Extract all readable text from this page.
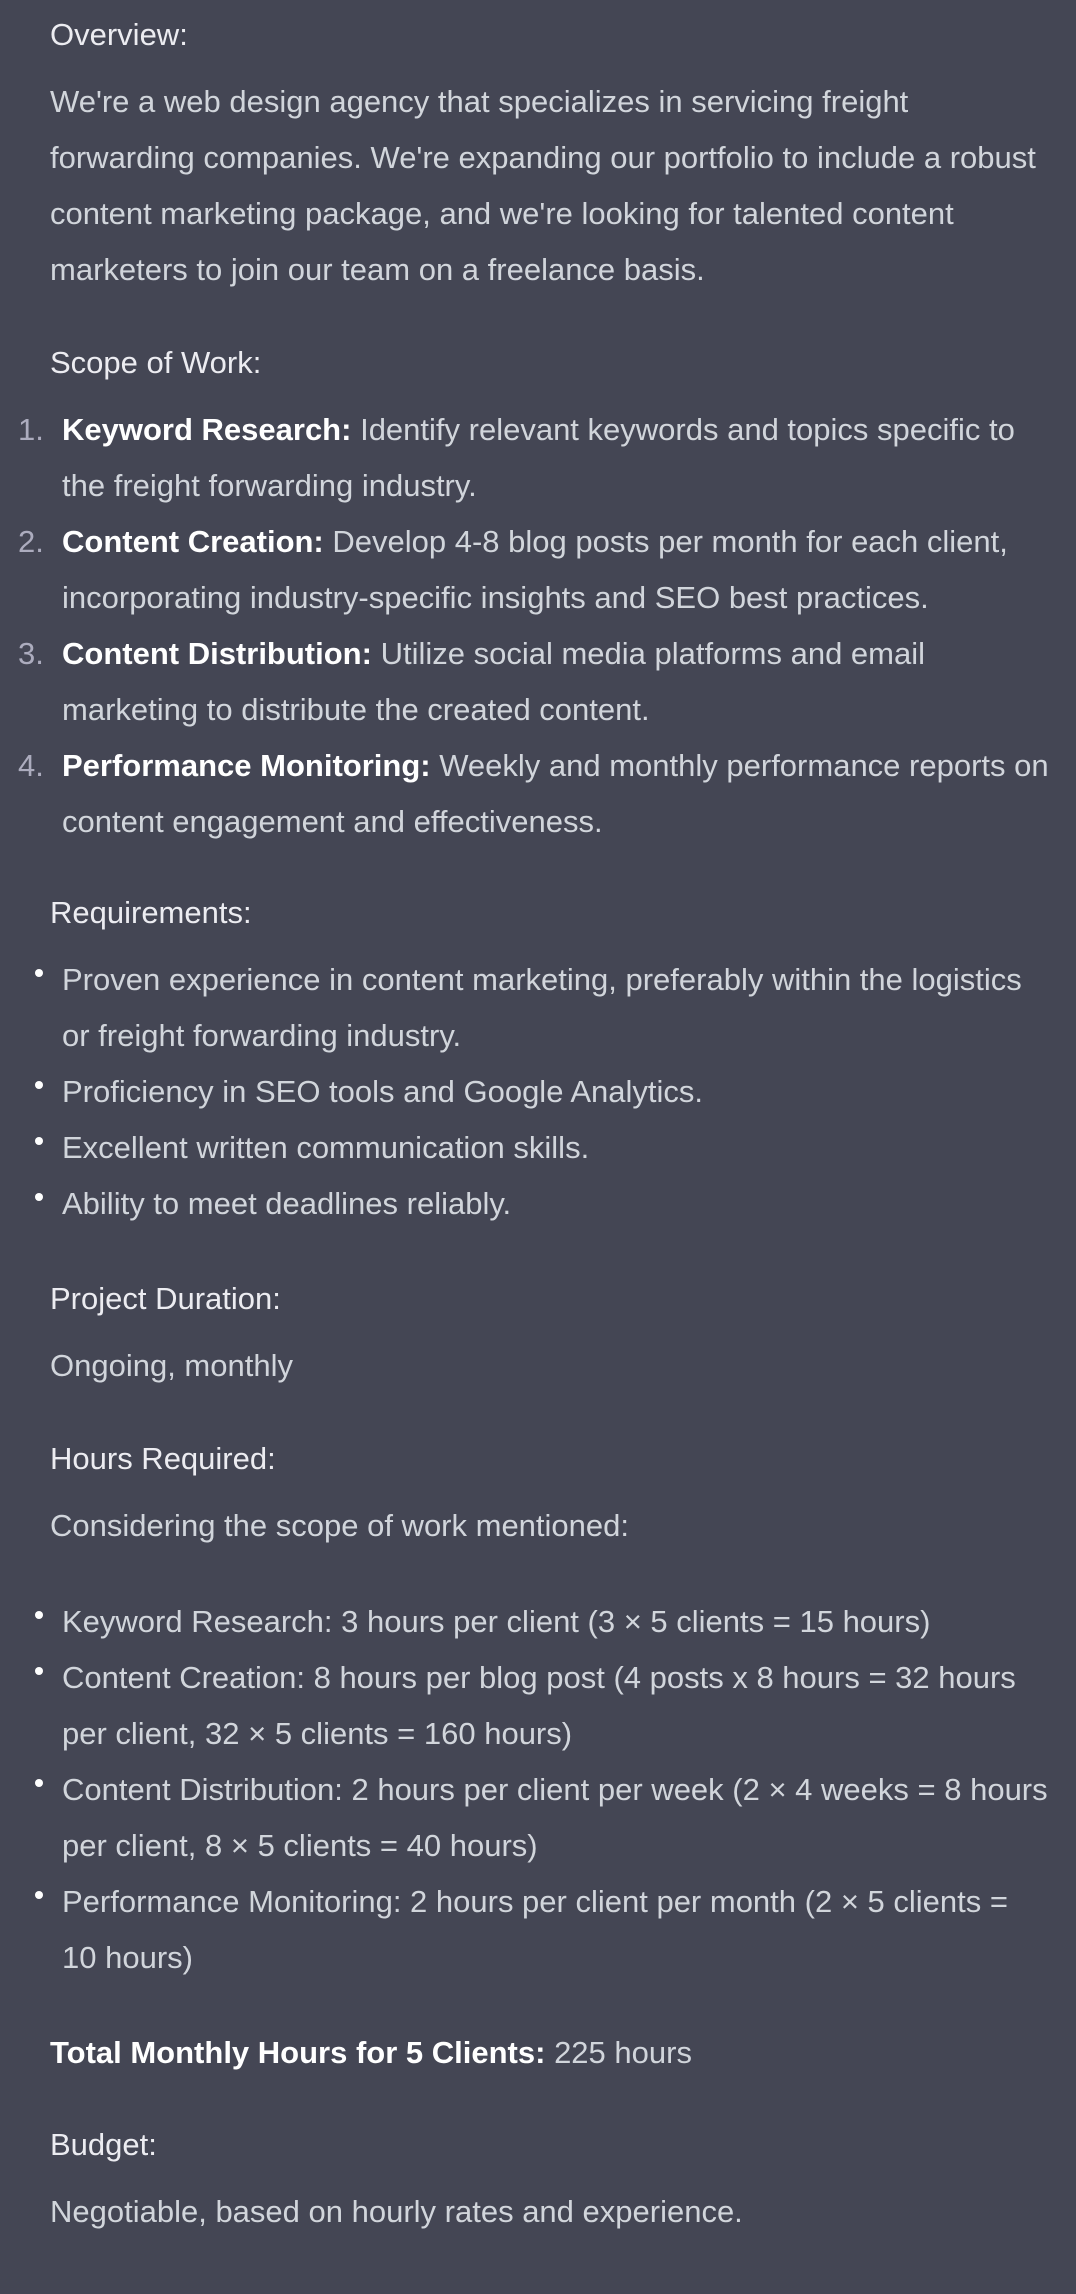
Overview:
We're a web design agency that specializes in servicing freight forwarding companies. We're expanding our portfolio to include a robust content marketing package, and we're looking for talented content marketers to join our team on a freelance basis.
Scope of Work:
1. Keyword Research: Identify relevant keywords and topics specific to the freight forwarding industry.
2. Content Creation: Develop 4-8 blog posts per month for each client, incorporating industry-specific insights and SEO best practices.
3. Content Distribution: Utilize social media platforms and email marketing to distribute the created content.
4. Performance Monitoring: Weekly and monthly performance reports on content engagement and effectiveness.
Requirements:
Proven experience in content marketing, preferably within the logistics or freight forwarding industry.
Proficiency in SEO tools and Google Analytics.
Excellent written communication skills.
Ability to meet deadlines reliably.
Project Duration:
Ongoing, monthly
Hours Required:
Considering the scope of work mentioned:
Keyword Research: 3 hours per client (3 × 5 clients = 15 hours)
Content Creation: 8 hours per blog post (4 posts x 8 hours = 32 hours per client, 32 × 5 clients = 160 hours)
Content Distribution: 2 hours per client per week (2 × 4 weeks = 8 hours per client, 8 × 5 clients = 40 hours)
Performance Monitoring: 2 hours per client per month (2 × 5 clients = 10 hours)
Total Monthly Hours for 5 Clients: 225 hours
Budget:
Negotiable, based on hourly rates and experience.
